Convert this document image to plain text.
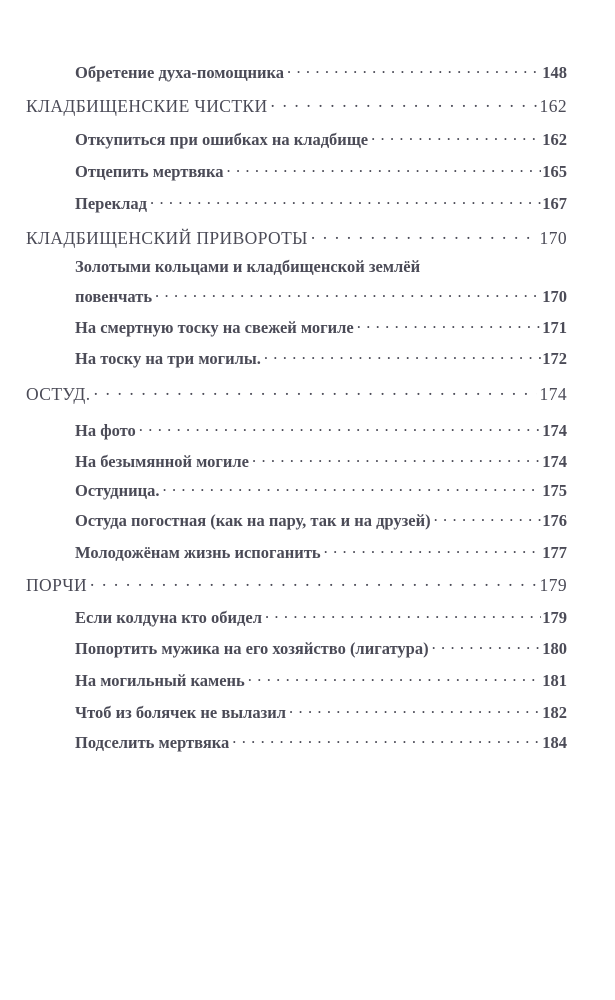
Обретение духа-помощника . . .	148
КЛАДБИЩЕНСКИЕ ЧИСТКИ . . .	162
Откупиться при ошибках на кладбище . . .	162
Отцепить мертвяка . . .	165
Переклад . . .	167
КЛАДБИЩЕНСКИЙ ПРИВОРОТЫ . . .	170
Золотыми кольцами и кладбищенской землёй
повенчать . . .	170
На смертную тоску на свежей могиле . . .	171
На тоску на три могилы. . . .	172
ОСТУД. . . .	174
На фото . . .	174
На безымянной могиле . . .	174
Остудница. . . .	175
Остуда погостная (как на пару, так и на друзей) . . .	176
Молодожёнам жизнь испоганить . . .	177
ПОРЧИ . . .	179
Если колдуна кто обидел . . .	179
Попортить мужика на его хозяйство (лигатура) . . .	180
На могильный камень . . .	181
Чтоб из болячек не вылазил . . .	182
Подселить мертвяка . . .	184
